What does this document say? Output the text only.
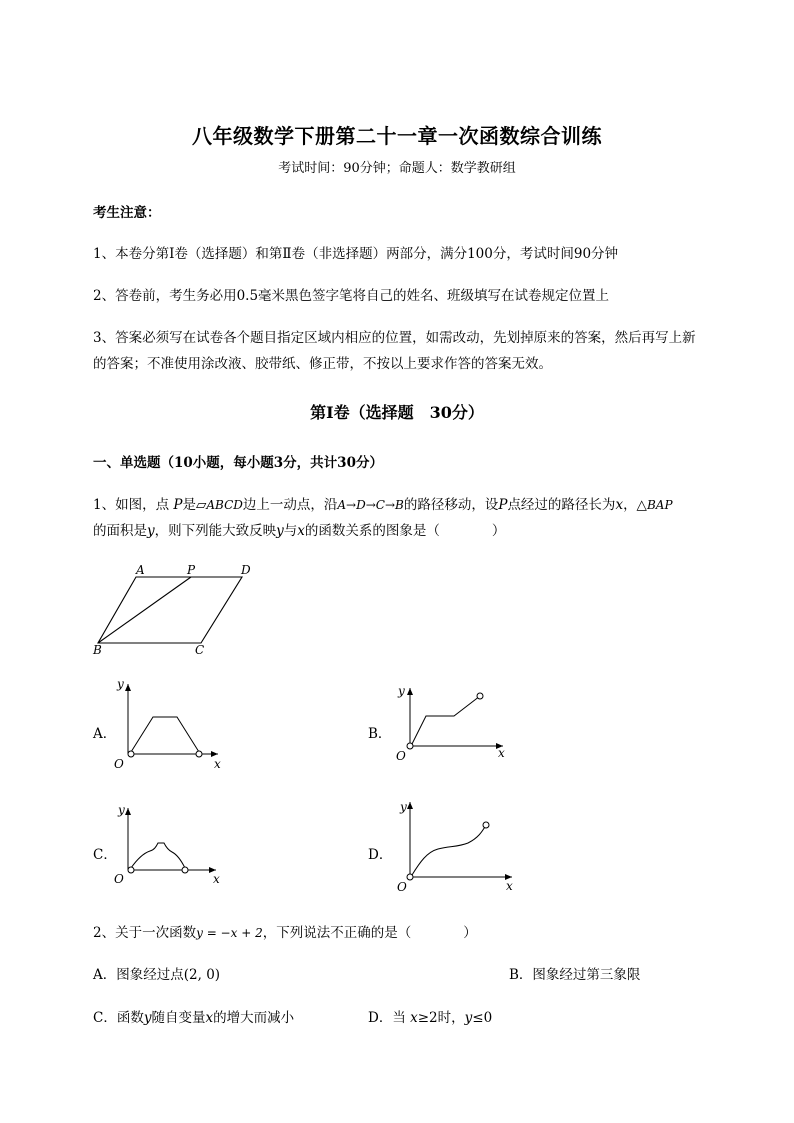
八年级数学下册第二十一章一次函数综合训练
考试时间：90分钟；命题人：数学教研组
考生注意：
1、本卷分第Ⅰ卷（选择题）和第Ⅱ卷（非选择题）两部分，满分100分，考试时间90分钟
2、答卷前，考生务必用0.5毫米黑色签字笔将自己的姓名、班级填写在试卷规定位置上
3、答案必须写在试卷各个题目指定区域内相应的位置，如需改动，先划掉原来的答案，然后再写上新
的答案；不准使用涂改液、胶带纸、修正带，不按以上要求作答的答案无效。
第Ⅰ卷（选择题　30分）
一、单选题（10小题，每小题3分，共计30分）
1、如图，点 P是▱ABCD边上一动点，沿A→D→C→B的路径移动，设P点经过的路径长为x，△BAP
的面积是y，则下列能大致反映y与x的函数关系的图象是（	）
A	P	D
B	C
A．
y
x
O
B．
y
x
O
C．
y
x
O
D．
y
x
O
2、关于一次函数y = −x + 2，下列说法不正确的是（	）
A．图象经过点(2, 0)	B．图象经过第三象限
C．函数y随自变量x的增大而减小	D．当 x≥2时，y≤0
